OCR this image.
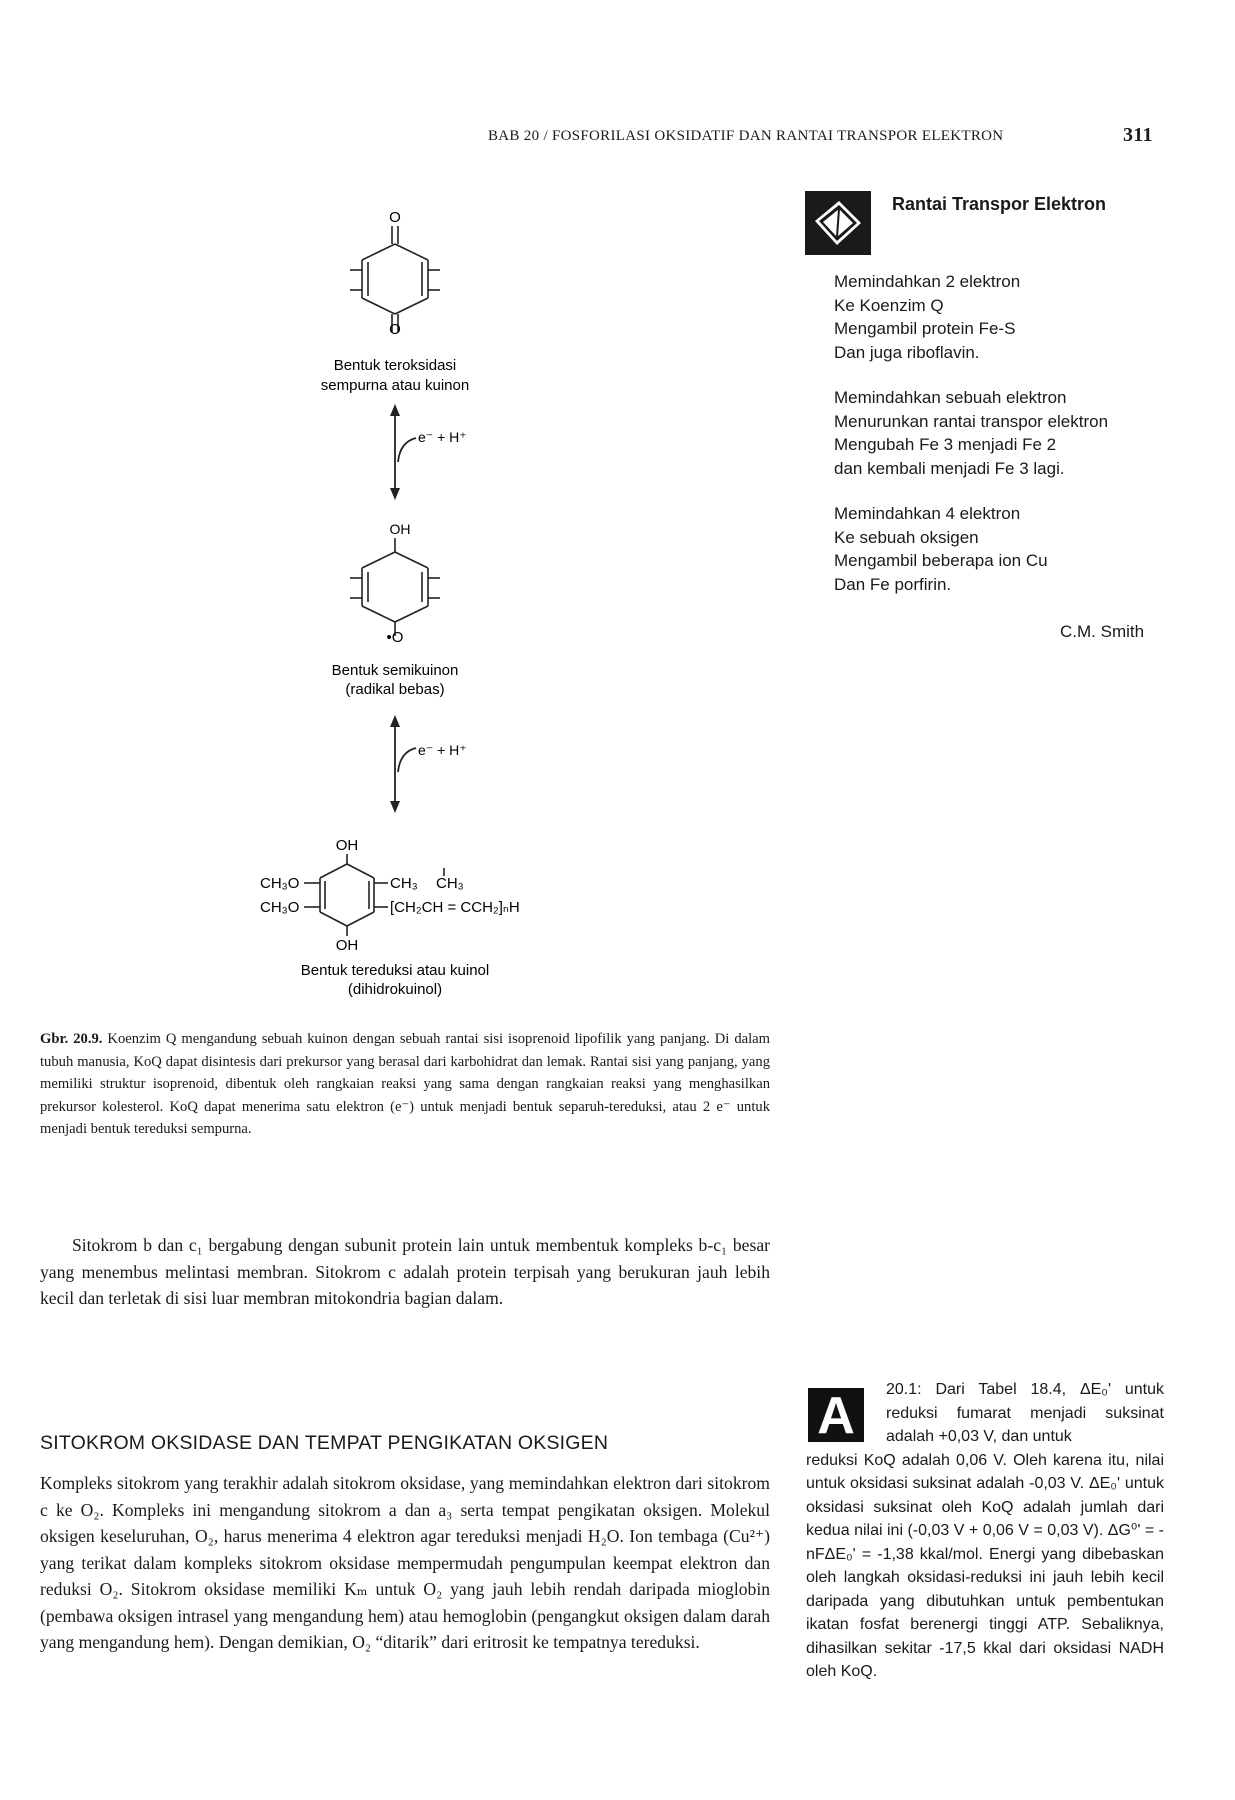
BAB 20 / FOSFORILASI OKSIDATIF DAN RANTAI TRANSPOR ELEKTRON	311
O
O
Bentuk teroksidasi
sempurna atau kuinon
e⁻ + H⁺
OH
•O
Bentuk semikuinon
(radikal bebas)
e⁻ + H⁺
OH
CH₃O
CH₃O
CH₃ CH₃
[CH₂CH = CCH₂]ₙH
OH
Bentuk tereduksi atau kuinol
(dihidrokuinol)
Rantai Transpor Elektron
Memindahkan 2 elektron
Ke Koenzim Q
Mengambil protein Fe-S
Dan juga riboflavin.
Memindahkan sebuah elektron
Menurunkan rantai transpor elektron
Mengubah Fe 3 menjadi Fe 2
dan kembali menjadi Fe 3 lagi.
Memindahkan 4 elektron
Ke sebuah oksigen
Mengambil beberapa ion Cu
Dan Fe porfirin.
C.M. Smith
Gbr. 20.9. Koenzim Q mengandung sebuah kuinon dengan sebuah rantai sisi isoprenoid lipofilik yang panjang. Di dalam tubuh manusia, KoQ dapat disintesis dari prekursor yang berasal dari karbohidrat dan lemak. Rantai sisi yang panjang, yang memiliki struktur isoprenoid, dibentuk oleh rangkaian reaksi yang sama dengan rangkaian reaksi yang menghasilkan prekursor kolesterol. KoQ dapat menerima satu elektron (e⁻) untuk menjadi bentuk separuh-tereduksi, atau 2 e⁻ untuk menjadi bentuk tereduksi sempurna.
Sitokrom b dan c₁ bergabung dengan subunit protein lain untuk membentuk kompleks b-c₁ besar yang menembus melintasi membran. Sitokrom c adalah protein terpisah yang berukuran jauh lebih kecil dan terletak di sisi luar membran mitokondria bagian dalam.
SITOKROM OKSIDASE DAN TEMPAT PENGIKATAN OKSIGEN
Kompleks sitokrom yang terakhir adalah sitokrom oksidase, yang memindahkan elektron dari sitokrom c ke O₂. Kompleks ini mengandung sitokrom a dan a₃ serta tempat pengikatan oksigen. Molekul oksigen keseluruhan, O₂, harus menerima 4 elektron agar tereduksi menjadi H₂O. Ion tembaga (Cu²⁺) yang terikat dalam kompleks sitokrom oksidase mempermudah pengumpulan keempat elektron dan reduksi O₂. Sitokrom oksidase memiliki Kₘ untuk O₂ yang jauh lebih rendah daripada mioglobin (pembawa oksigen intrasel yang mengandung hem) atau hemoglobin (pengangkut oksigen dalam darah yang mengandung hem). Dengan demikian, O₂ “ditarik” dari eritrosit ke tempatnya tereduksi.
A	20.1: Dari Tabel 18.4, ΔE₀' untuk reduksi fumarat menjadi suksinat adalah +0,03 V, dan untuk
reduksi KoQ adalah 0,06 V. Oleh karena itu, nilai untuk oksidasi suksinat adalah -0,03 V. ΔE₀' untuk oksidasi suksinat oleh KoQ adalah jumlah dari kedua nilai ini (-0,03 V + 0,06 V = 0,03 V). ΔG⁰' = -nFΔE₀' = -1,38 kkal/mol. Energi yang dibebaskan oleh langkah oksidasi-reduksi ini jauh lebih kecil daripada yang dibutuhkan untuk pembentukan ikatan fosfat berenergi tinggi ATP. Sebaliknya, dihasilkan sekitar -17,5 kkal dari oksidasi NADH oleh KoQ.
